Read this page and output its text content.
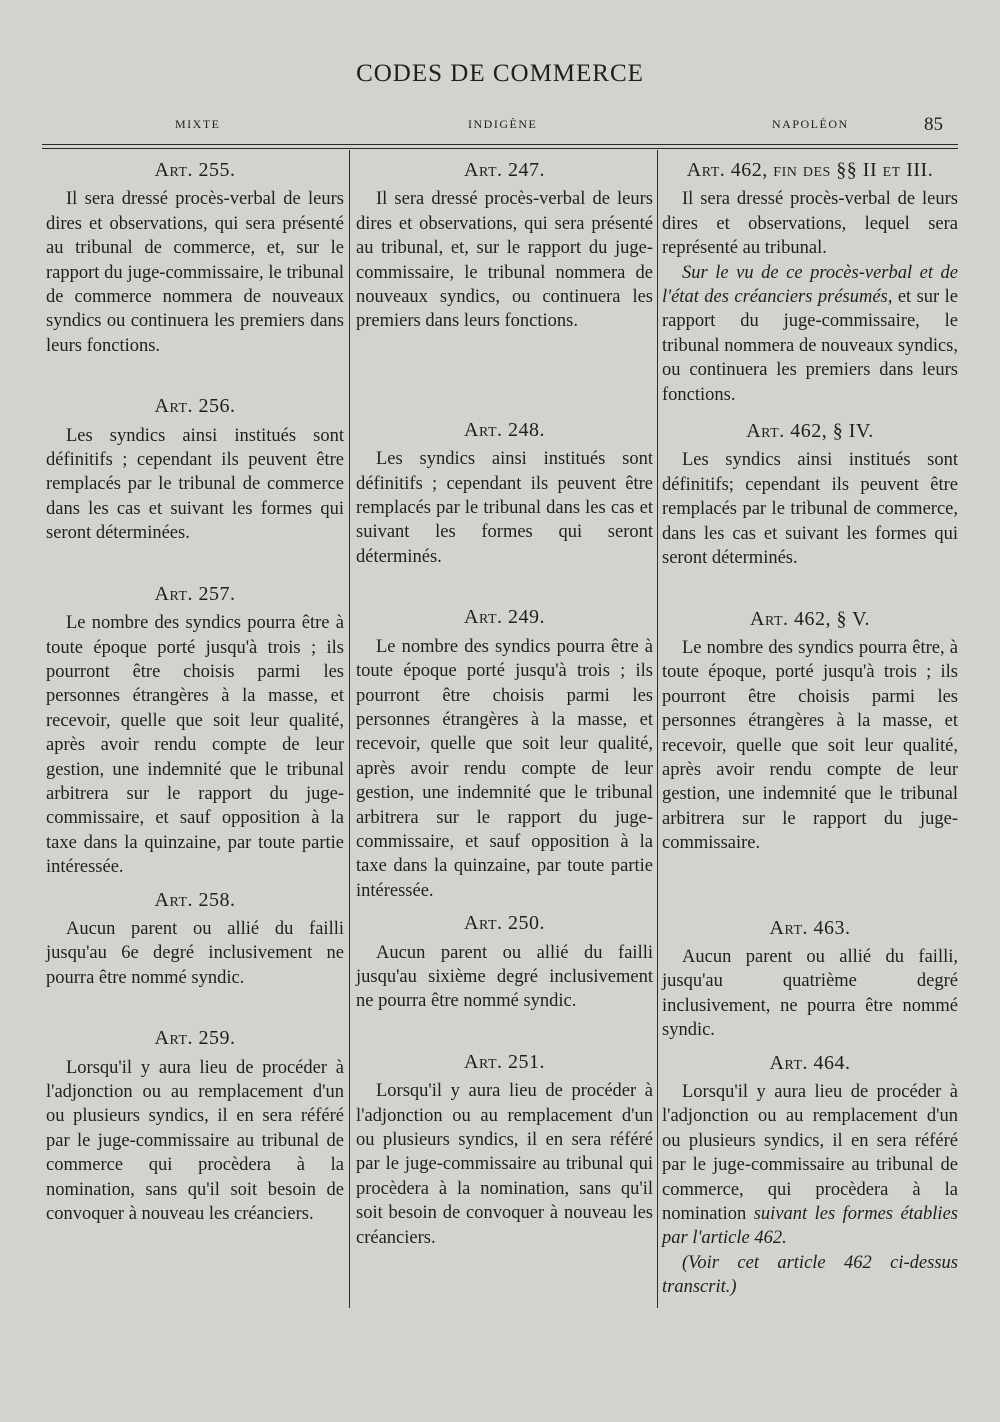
CODES DE COMMERCE
MIXTE	INDIGÈNE	NAPOLÉON	85
Art. 255.

Il sera dressé procès-verbal de leurs dires et observations, qui sera présenté au tribunal de commerce, et, sur le rapport du juge-commissaire, le tribunal de commerce nommera de nouveaux syndics ou continuera les premiers dans leurs fonctions.

Art. 256.

Les syndics ainsi institués sont définitifs ; cependant ils peuvent être remplacés par le tribunal de commerce dans les cas et suivant les formes qui seront déterminées.

Art. 257.

Le nombre des syndics pourra être à toute époque porté jusqu'à trois ; ils pourront être choisis parmi les personnes étrangères à la masse, et recevoir, quelle que soit leur qualité, après avoir rendu compte de leur gestion, une indemnité que le tribunal arbitrera sur le rapport du juge-commissaire, et sauf opposition à la taxe dans la quinzaine, par toute partie intéressée.

Art. 258.

Aucun parent ou allié du failli jusqu'au 6e degré inclusivement ne pourra être nommé syndic.

Art. 259.

Lorsqu'il y aura lieu de procéder à l'adjonction ou au remplacement d'un ou plusieurs syndics, il en sera référé par le juge-commissaire au tribunal de commerce qui procèdera à la nomination, sans qu'il soit besoin de convoquer à nouveau les créanciers.

Art. 247.

Il sera dressé procès-verbal de leurs dires et observations, qui sera présenté au tribunal, et, sur le rapport du juge-commissaire, le tribunal nommera de nouveaux syndics, ou continuera les premiers dans leurs fonctions.

Art. 248.

Les syndics ainsi institués sont définitifs ; cependant ils peuvent être remplacés par le tribunal dans les cas et suivant les formes qui seront déterminés.

Art. 249.

Le nombre des syndics pourra être à toute époque porté jusqu'à trois ; ils pourront être choisis parmi les personnes étrangères à la masse, et recevoir, quelle que soit leur qualité, après avoir rendu compte de leur gestion, une indemnité que le tribunal arbitrera sur le rapport du juge-commissaire, et sauf opposition à la taxe dans la quinzaine, par toute partie intéressée.

Art. 250.

Aucun parent ou allié du failli jusqu'au sixième degré inclusivement ne pourra être nommé syndic.

Art. 251.

Lorsqu'il y aura lieu de procéder à l'adjonction ou au remplacement d'un ou plusieurs syndics, il en sera référé par le juge-commissaire au tribunal qui procèdera à la nomination, sans qu'il soit besoin de convoquer à nouveau les créanciers.

Art. 462, fin des §§ II et III.

Il sera dressé procès-verbal de leurs dires et observations, lequel sera représenté au tribunal.

Sur le vu de ce procès-verbal et de l'état des créanciers présumés, et sur le rapport du juge-commissaire, le tribunal nommera de nouveaux syndics, ou continuera les premiers dans leurs fonctions.

Art. 462, § IV.

Les syndics ainsi institués sont définitifs; cependant ils peuvent être remplacés par le tribunal de commerce, dans les cas et suivant les formes qui seront déterminés.

Art. 462, § V.

Le nombre des syndics pourra être, à toute époque, porté jusqu'à trois ; ils pourront être choisis parmi les personnes étrangères à la masse, et recevoir, quelle que soit leur qualité, après avoir rendu compte de leur gestion, une indemnité que le tribunal arbitrera sur le rapport du juge-commissaire.

Art. 463.

Aucun parent ou allié du failli, jusqu'au quatrième degré inclusivement, ne pourra être nommé syndic.

Art. 464.

Lorsqu'il y aura lieu de procéder à l'adjonction ou au remplacement d'un ou plusieurs syndics, il en sera référé par le juge-commissaire au tribunal de commerce, qui procèdera à la nomination suivant les formes établies par l'article 462.

(Voir cet article 462 ci-dessus transcrit.)
